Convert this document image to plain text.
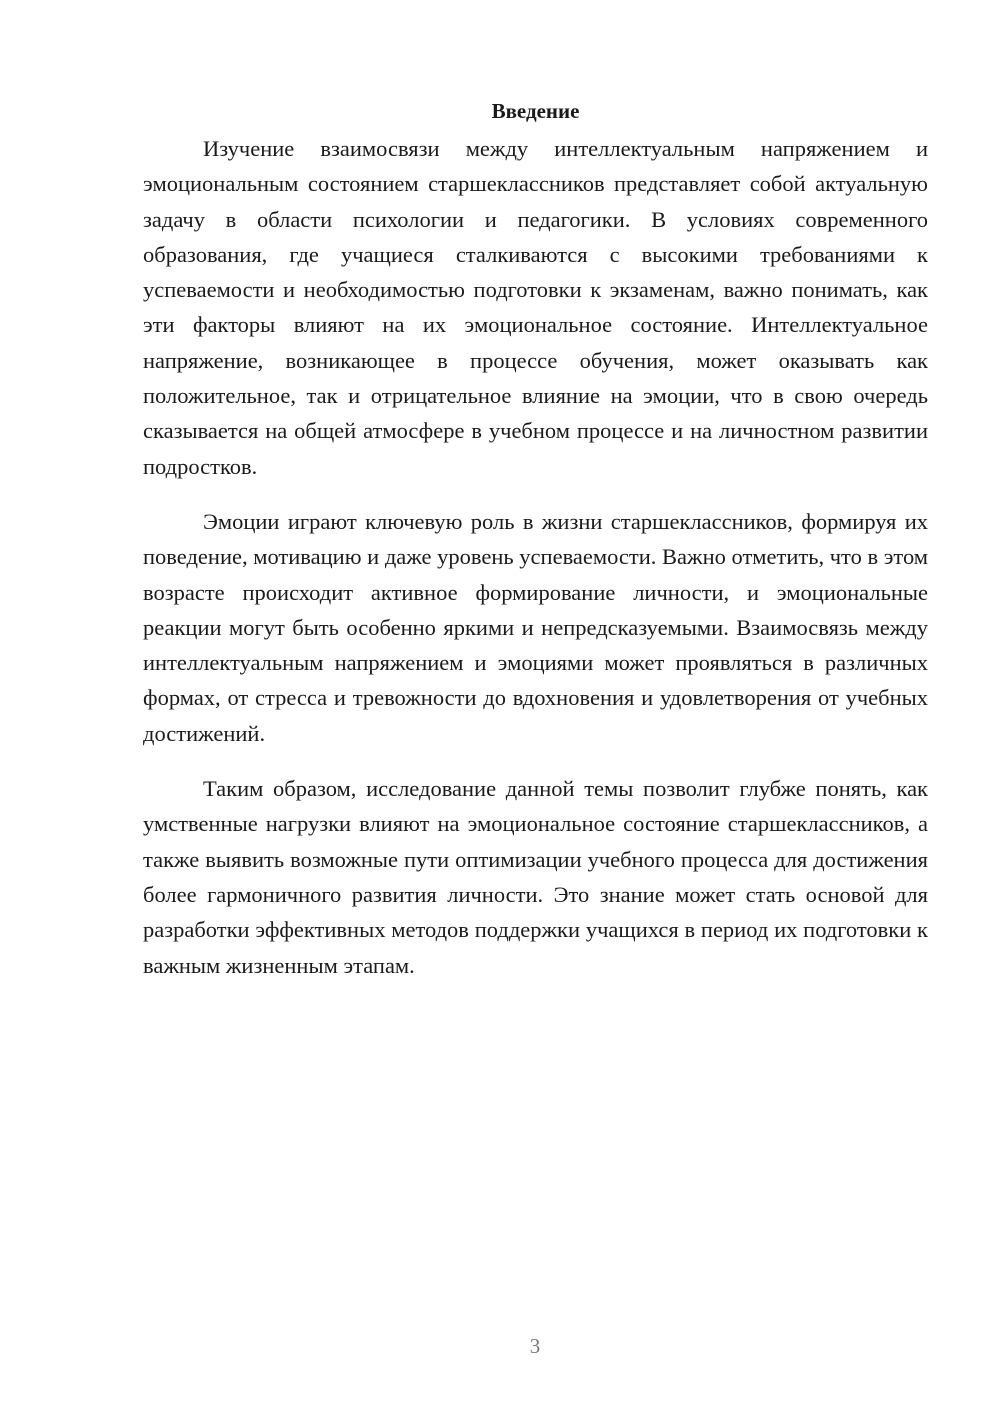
Введение

Изучение взаимосвязи между интеллектуальным напряжением и эмоциональным состоянием старшеклассников представляет собой актуальную задачу в области психологии и педагогики. В условиях современного образования, где учащиеся сталкиваются с высокими требованиями к успеваемости и необходимостью подготовки к экзаменам, важно понимать, как эти факторы влияют на их эмоциональное состояние. Интеллектуальное напряжение, возникающее в процессе обучения, может оказывать как положительное, так и отрицательное влияние на эмоции, что в свою очередь сказывается на общей атмосфере в учебном процессе и на личностном развитии подростков.

Эмоции играют ключевую роль в жизни старшеклассников, формируя их поведение, мотивацию и даже уровень успеваемости. Важно отметить, что в этом возрасте происходит активное формирование личности, и эмоциональные реакции могут быть особенно яркими и непредсказуемыми. Взаимосвязь между интеллектуальным напряжением и эмоциями может проявляться в различных формах, от стресса и тревожности до вдохновения и удовлетворения от учебных достижений.

Таким образом, исследование данной темы позволит глубже понять, как умственные нагрузки влияют на эмоциональное состояние старшеклассников, а также выявить возможные пути оптимизации учебного процесса для достижения более гармоничного развития личности. Это знание может стать основой для разработки эффективных методов поддержки учащихся в период их подготовки к важным жизненным этапам.

3
